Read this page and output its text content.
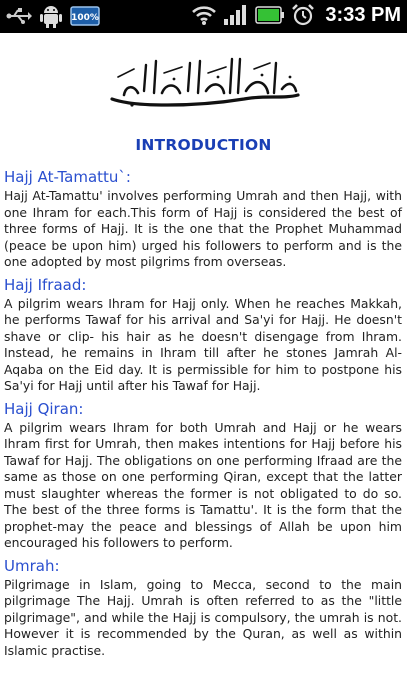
100%	3:33 PM
INTRODUCTION

Hajj At-Tamattu`:

Hajj At-Tamattu' involves performing Umrah and then Hajj, with one Ihram for each.This form of Hajj is considered the best of three forms of Hajj. It is the one that the Prophet Muhammad (peace be upon him) urged his followers to perform and is the one adopted by most pilgrims from overseas.

Hajj Ifraad:

A pilgrim wears Ihram for Hajj only. When he reaches Makkah, he performs Tawaf for his arrival and Sa'yi for Hajj. He doesn't shave or clip- his hair as he doesn't disengage from Ihram. Instead, he remains in Ihram till after he stones Jamrah Al-Aqaba on the Eid day. It is permissible for him to postpone his Sa'yi for Hajj until after his Tawaf for Hajj.

Hajj Qiran:

A pilgrim wears Ihram for both Umrah and Hajj or he wears Ihram first for Umrah, then makes intentions for Hajj before his Tawaf for Hajj. The obligations on one performing Ifraad are the same as those on one performing Qiran, except that the latter must slaughter whereas the former is not obligated to do so. The best of the three forms is Tamattu'. It is the form that the prophet-may the peace and blessings of Allah be upon him encouraged his followers to perform.

Umrah:

Pilgrimage in Islam, going to Mecca, second to the main pilgrimage The Hajj. Umrah is often referred to as the "little pilgrimage", and while the Hajj is compulsory, the umrah is not. However it is recommended by the Quran, as well as within Islamic practise.
